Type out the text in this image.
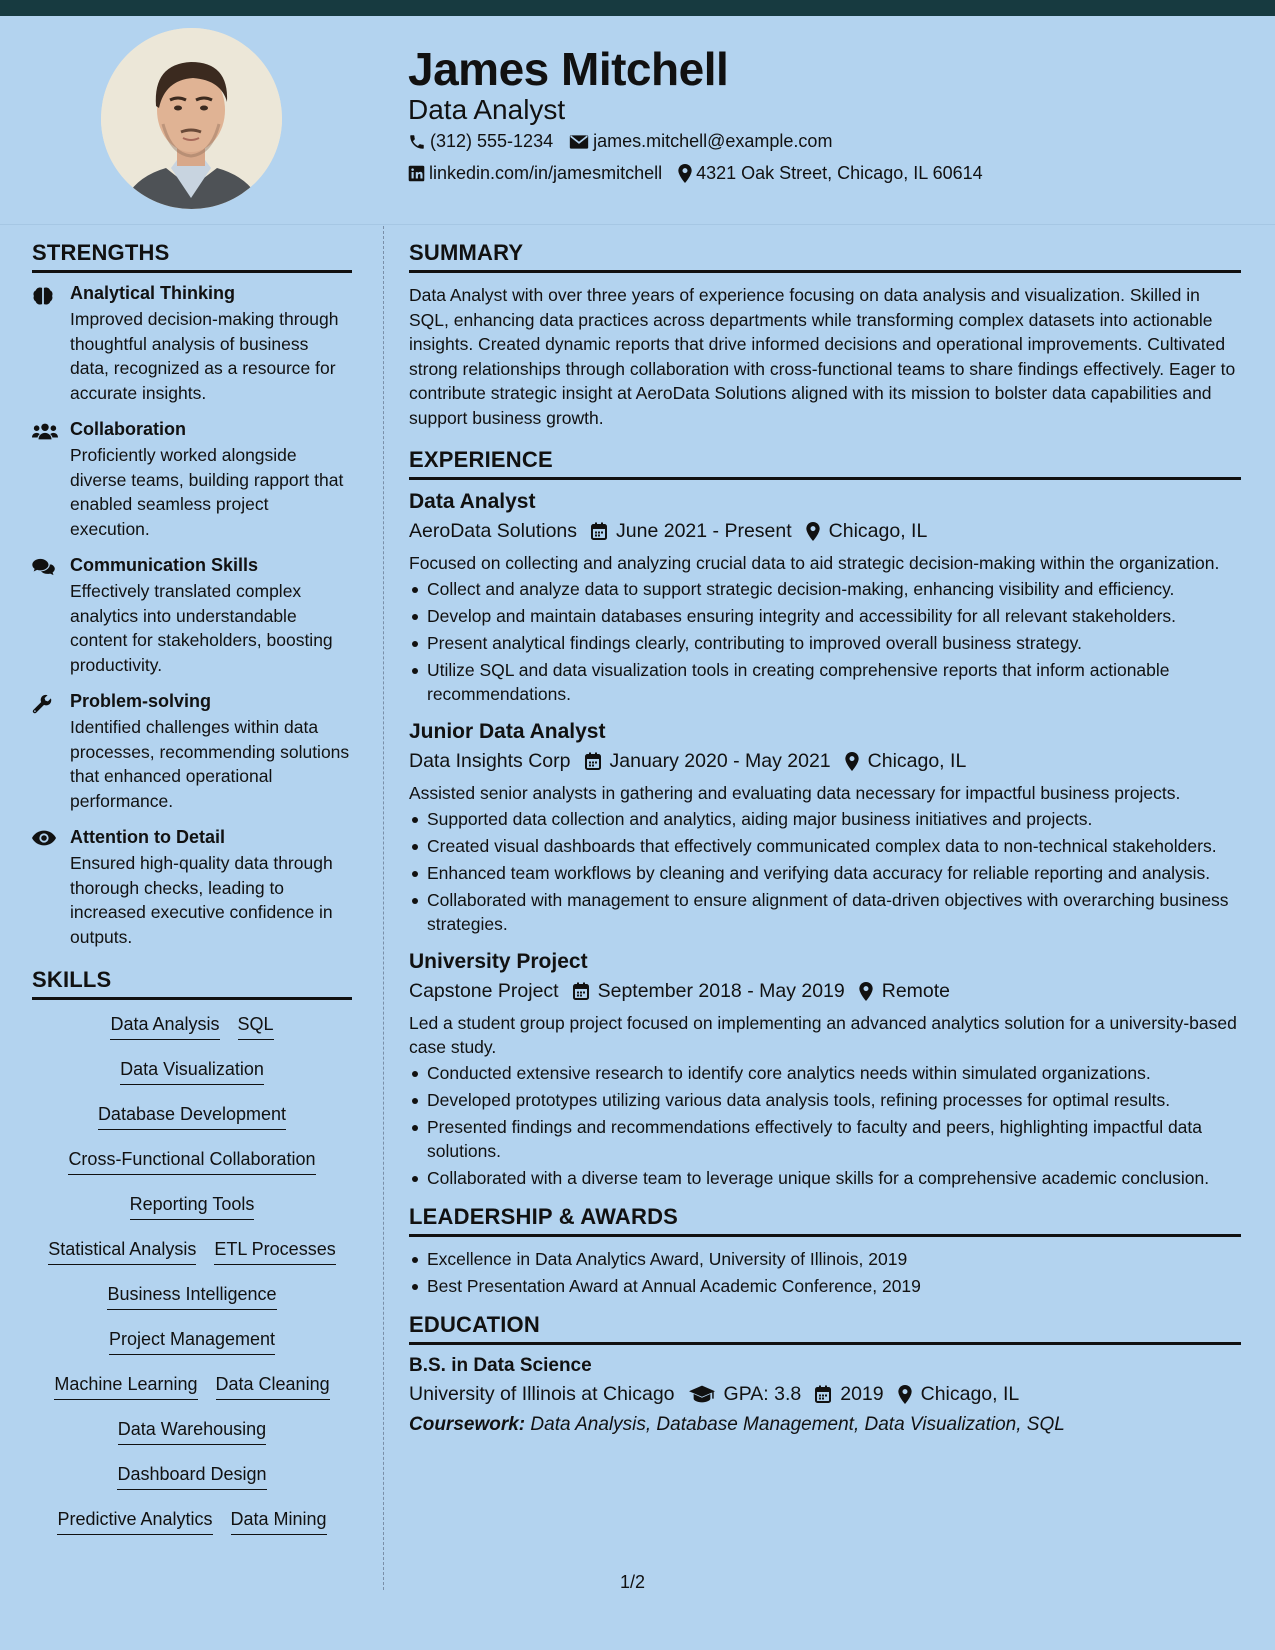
James Mitchell
Data Analyst
(312) 555-1234 james.mitchell@example.com
linkedin.com/in/jamesmitchell 4321 Oak Street, Chicago, IL 60614
STRENGTHS
Analytical Thinking
Improved decision-making through thoughtful analysis of business data, recognized as a resource for accurate insights.
Collaboration
Proficiently worked alongside diverse teams, building rapport that enabled seamless project execution.
Communication Skills
Effectively translated complex analytics into understandable content for stakeholders, boosting productivity.
Problem-solving
Identified challenges within data processes, recommending solutions that enhanced operational performance.
Attention to Detail
Ensured high-quality data through thorough checks, leading to increased executive confidence in outputs.
SKILLS
Data Analysis SQL
Data Visualization
Database Development
Cross-Functional Collaboration
Reporting Tools
Statistical Analysis ETL Processes
Business Intelligence
Project Management
Machine Learning Data Cleaning
Data Warehousing
Dashboard Design
Predictive Analytics Data Mining
SUMMARY
Data Analyst with over three years of experience focusing on data analysis and visualization. Skilled in SQL, enhancing data practices across departments while transforming complex datasets into actionable insights. Created dynamic reports that drive informed decisions and operational improvements. Cultivated strong relationships through collaboration with cross-functional teams to share findings effectively. Eager to contribute strategic insight at AeroData Solutions aligned with its mission to bolster data capabilities and support business growth.
EXPERIENCE
Data Analyst
AeroData Solutions June 2021 - Present Chicago, IL
Focused on collecting and analyzing crucial data to aid strategic decision-making within the organization.
Collect and analyze data to support strategic decision-making, enhancing visibility and efficiency.
Develop and maintain databases ensuring integrity and accessibility for all relevant stakeholders.
Present analytical findings clearly, contributing to improved overall business strategy.
Utilize SQL and data visualization tools in creating comprehensive reports that inform actionable recommendations.
Junior Data Analyst
Data Insights Corp January 2020 - May 2021 Chicago, IL
Assisted senior analysts in gathering and evaluating data necessary for impactful business projects.
Supported data collection and analytics, aiding major business initiatives and projects.
Created visual dashboards that effectively communicated complex data to non-technical stakeholders.
Enhanced team workflows by cleaning and verifying data accuracy for reliable reporting and analysis.
Collaborated with management to ensure alignment of data-driven objectives with overarching business strategies.
University Project
Capstone Project September 2018 - May 2019 Remote
Led a student group project focused on implementing an advanced analytics solution for a university-based case study.
Conducted extensive research to identify core analytics needs within simulated organizations.
Developed prototypes utilizing various data analysis tools, refining processes for optimal results.
Presented findings and recommendations effectively to faculty and peers, highlighting impactful data solutions.
Collaborated with a diverse team to leverage unique skills for a comprehensive academic conclusion.
LEADERSHIP & AWARDS
Excellence in Data Analytics Award, University of Illinois, 2019
Best Presentation Award at Annual Academic Conference, 2019
EDUCATION
B.S. in Data Science
University of Illinois at Chicago	GPA: 3.8 2019 Chicago, IL
Coursework: Data Analysis, Database Management, Data Visualization, SQL
1/2
